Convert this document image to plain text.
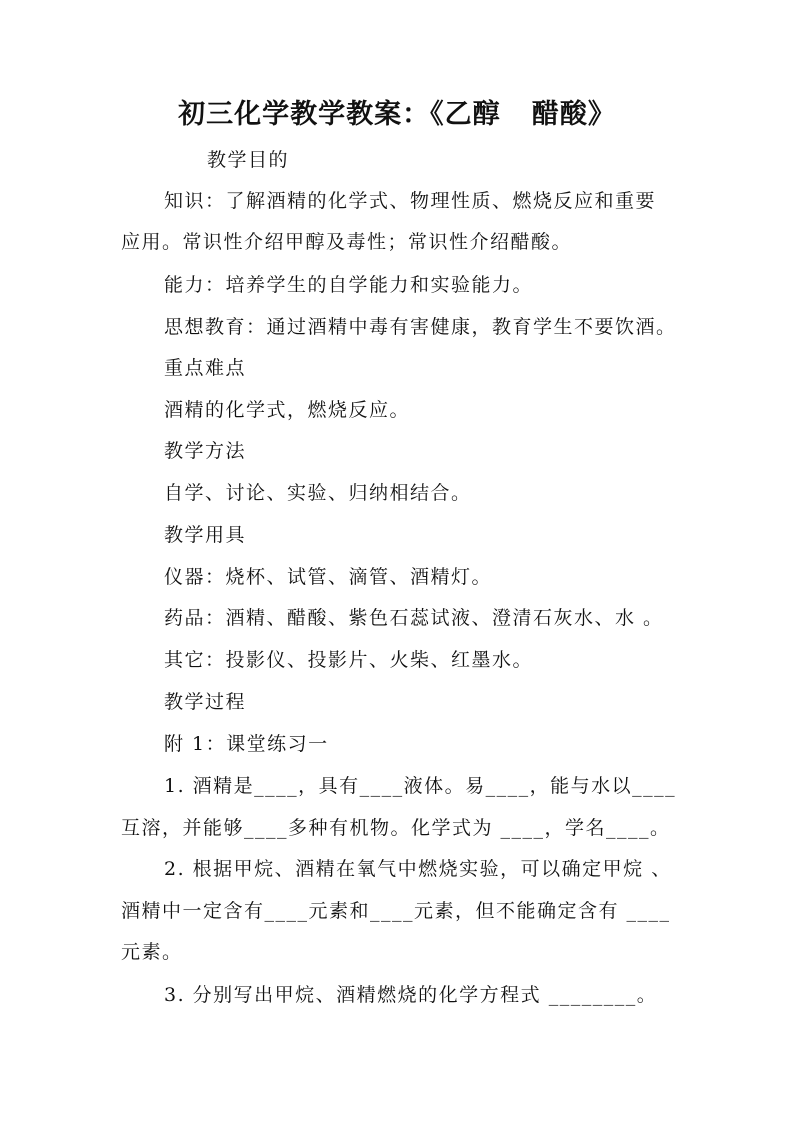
初三化学教学教案：《乙醇   醋酸》
教学目的
知识：了解酒精的化学式、物理性质、燃烧反应和重要
应用。常识性介绍甲醇及毒性；常识性介绍醋酸。
能力：培养学生的自学能力和实验能力。
思想教育：通过酒精中毒有害健康，教育学生不要饮酒。
重点难点
酒精的化学式，燃烧反应。
教学方法
自学、讨论、实验、归纳相结合。
教学用具
仪器：烧杯、试管、滴管、酒精灯。
药品：酒精、醋酸、紫色石蕊试液、澄清石灰水、水 。
其它：投影仪、投影片、火柴、红墨水。
教学过程
附 1：课堂练习一
1. 酒精是____，具有____液体。易____，能与水以____
互溶，并能够____多种有机物。化学式为 ____，学名____。
2. 根据甲烷、酒精在氧气中燃烧实验，可以确定甲烷 、
酒精中一定含有____元素和____元素，但不能确定含有 ____
元素。
3. 分别写出甲烷、酒精燃烧的化学方程式 ________。
